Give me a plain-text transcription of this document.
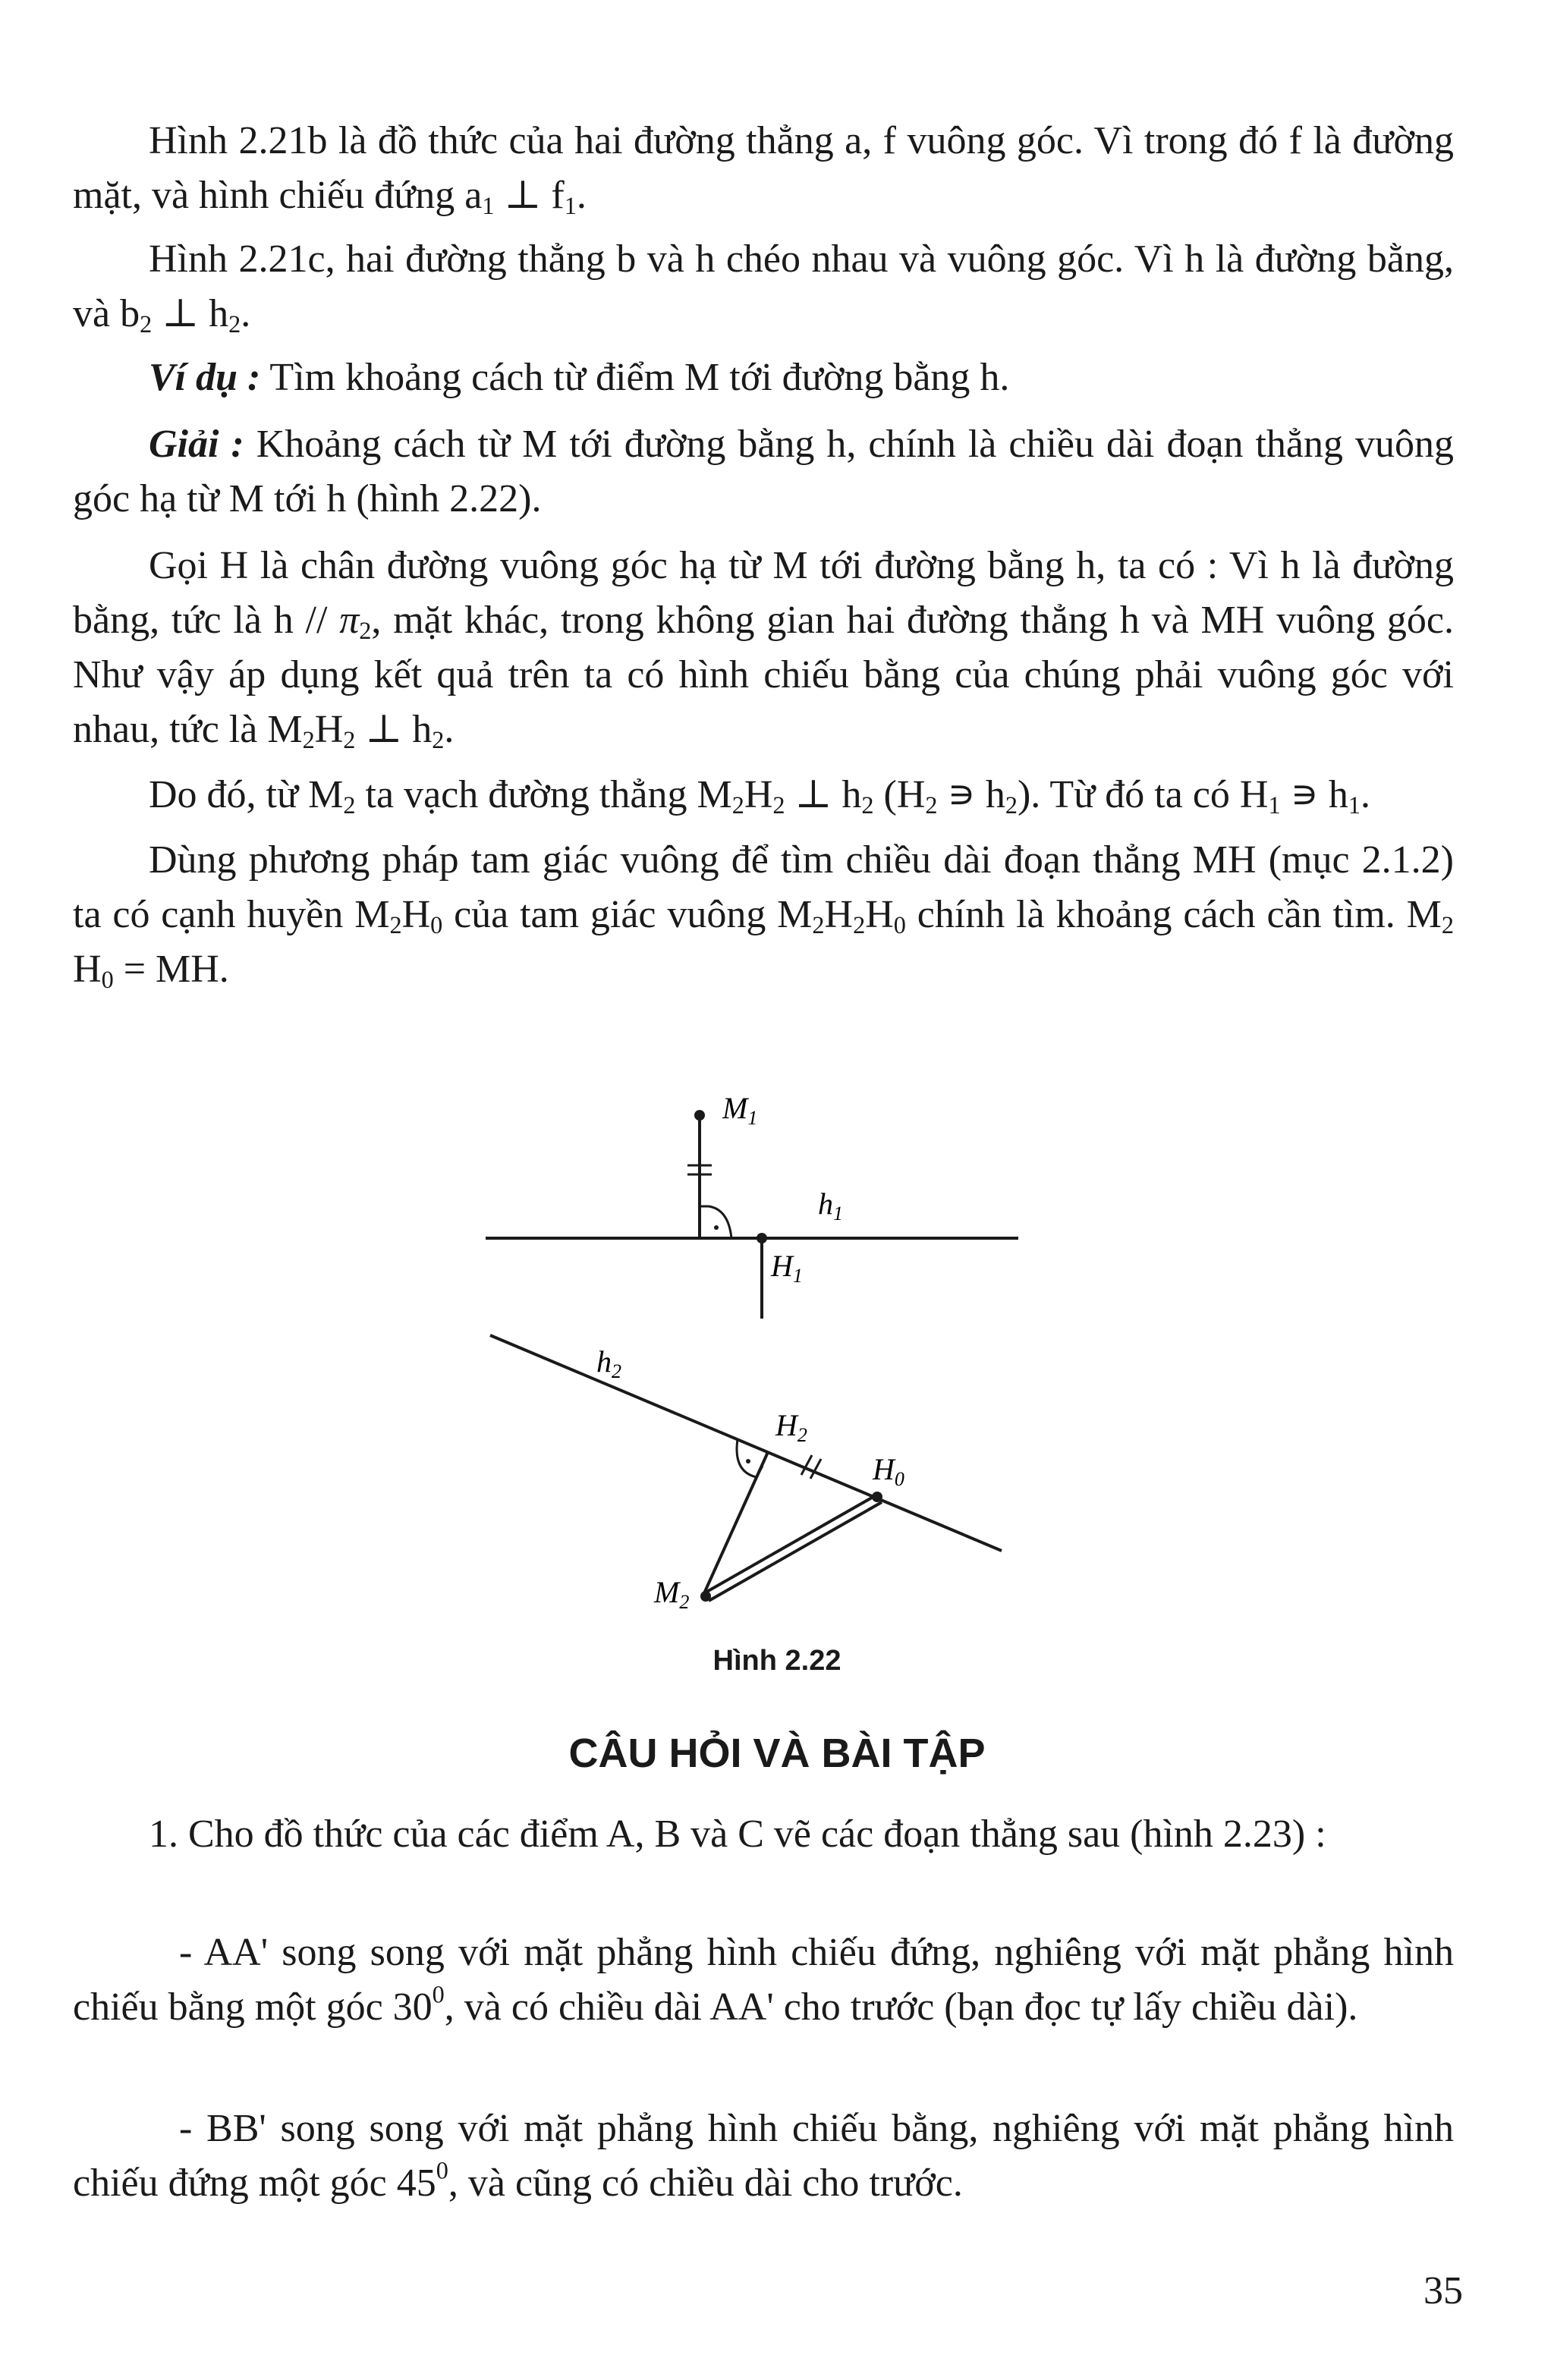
Hình 2.21b là đồ thức của hai đường thẳng a, f vuông góc. Vì trong đó f là đường mặt, và hình chiếu đứng $a_1$ ⊥ $f_1$.

Hình 2.21c, hai đường thẳng b và h chéo nhau và vuông góc. Vì h là đường bằng, và $b_2$ ⊥ $h_2$.

Ví dụ : Tìm khoảng cách từ điểm M tới đường bằng h.

Giải : Khoảng cách từ M tới đường bằng h, chính là chiều dài đoạn thẳng vuông góc hạ từ M tới h (hình 2.22).

Gọi H là chân đường vuông góc hạ từ M tới đường bằng h, ta có : Vì h là đường bằng, tức là h // $\pi_2$, mặt khác, trong không gian hai đường thẳng h và MH vuông góc. Như vậy áp dụng kết quả trên ta có hình chiếu bằng của chúng phải vuông góc với nhau, tức là $M_2H_2$ ⊥ $h_2$.

Do đó, từ $M_2$ ta vạch đường thẳng $M_2H_2$ ⊥ $h_2$ ($H_2$ ∍ $h_2$). Từ đó ta có $H_1$ ∍ $h_1$.

Dùng phương pháp tam giác vuông để tìm chiều dài đoạn thẳng MH (mục 2.1.2) ta có cạnh huyền $M_2H_0$ của tam giác vuông $M_2H_2H_0$ chính là khoảng cách cần tìm. $M_2$ $H_0$ = MH.

$M_1$
$h_1$
$H_1$
$h_2$
$H_2$
$H_0$
$M_2$
Hình 2.22
CÂU HỎI VÀ BÀI TẬP

1. Cho đồ thức của các điểm A, B và C vẽ các đoạn thẳng sau (hình 2.23) :

- AA' song song với mặt phẳng hình chiếu đứng, nghiêng với mặt phẳng hình chiếu bằng một góc $30^0$, và có chiều dài AA' cho trước (bạn đọc tự lấy chiều dài).

- BB' song song với mặt phẳng hình chiếu bằng, nghiêng với mặt phẳng hình chiếu đứng một góc $45^0$, và cũng có chiều dài cho trước.

35
